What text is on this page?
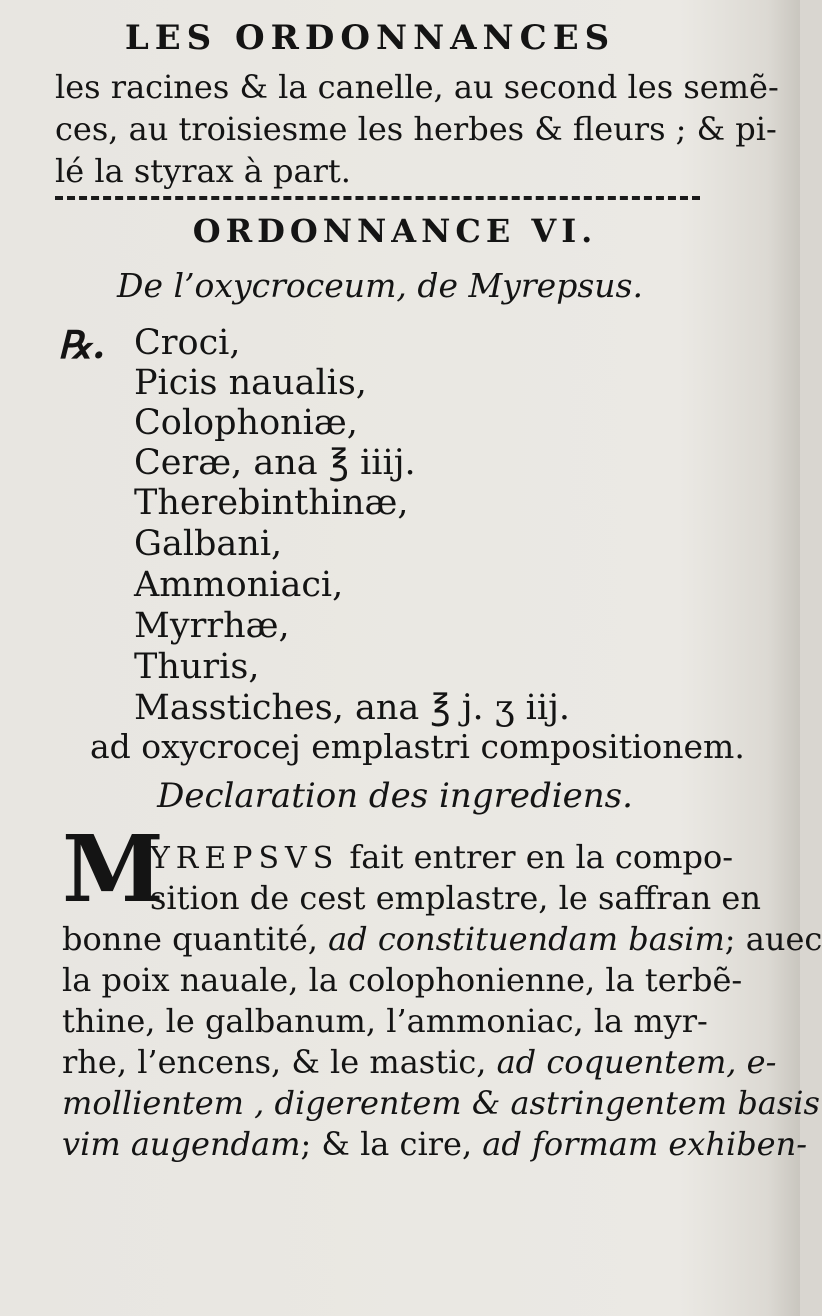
LES ORDONNANCES
les racines & la canelle, au second les semẽ-
ces, au troisiesme les herbes & fleurs ; & pi-
lé la styrax à part.
ORDONNANCE VI.
De l’oxycroceum, de Myrepsus.
℞. Croci,
Picis naualis,
Colophoniæ,
Ceræ, ana ℥ iiij.
Therebinthinæ,
Galbani,
Ammoniaci,
Myrrhæ,
Thuris,
Masstiches, ana ℥ j. ʒ iij.
ad oxycrocej emplastri compositionem.
Declaration des ingrediens.
M
YREPSVS fait entrer en la compo-
sition de cest emplastre, le saffran en
bonne quantité, ad constituendam basim; auec
la poix nauale, la colophonienne, la terbẽ-
thine, le galbanum, l’ammoniac, la myr-
rhe, l’encens, & le mastic, ad coquentem, e-
mollientem , digerentem & astringentem basis
vim augendam; & la cire, ad formam exhiben-
